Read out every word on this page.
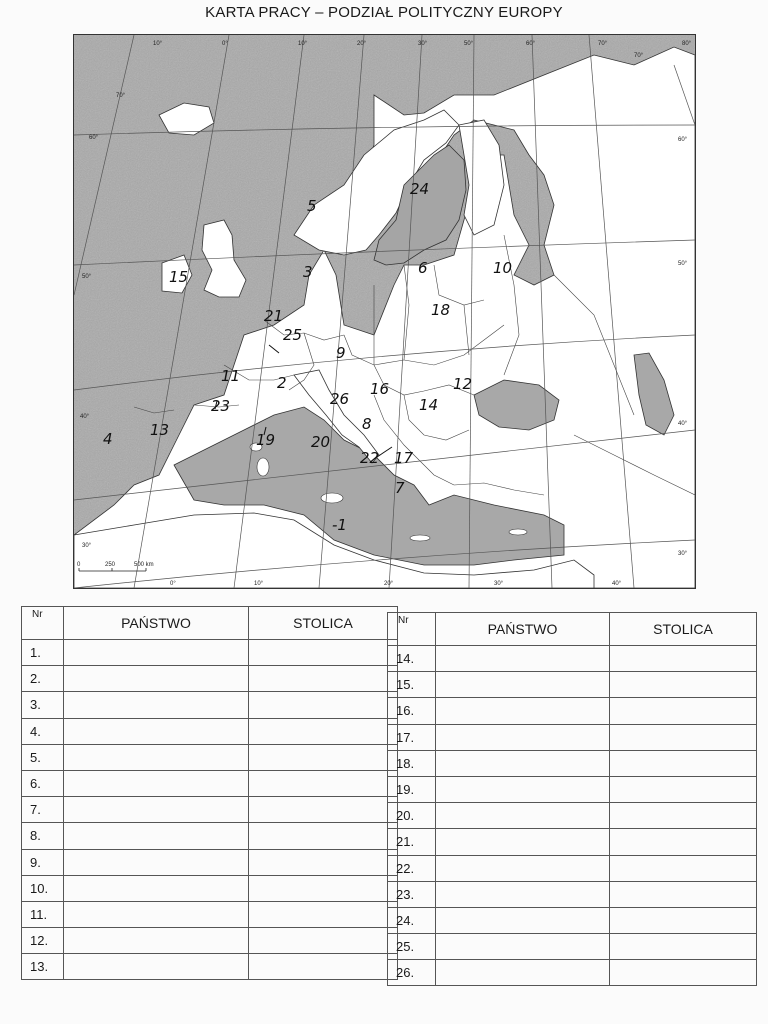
KARTA PRACY – PODZIAŁ POLITYCZNY EUROPY
10°	0°	10°	20°	30°	50°	60°	70°	80°
70°
60°
50°
40°
30°
10°
0°	20°	30°	40°
30°
40°
50°
60°
70°
0	250	500 km
-1
2
3
4
5
6
7
8
9
10
11	12
13
14
15
16
17
18
19 20
21
22
23
24
25
26
Nr	PAŃSTWO	STOLICA
1.		
2.		
3.		
4.		
5.		
6.		
7.		
8.		
9.		
10.		
11.		
12.		
13.		
Nr	PAŃSTWO	STOLICA
14.		
15.		
16.		
17.		
18.		
19.		
20.		
21.		
22.		
23.		
24.		
25.		
26.		
